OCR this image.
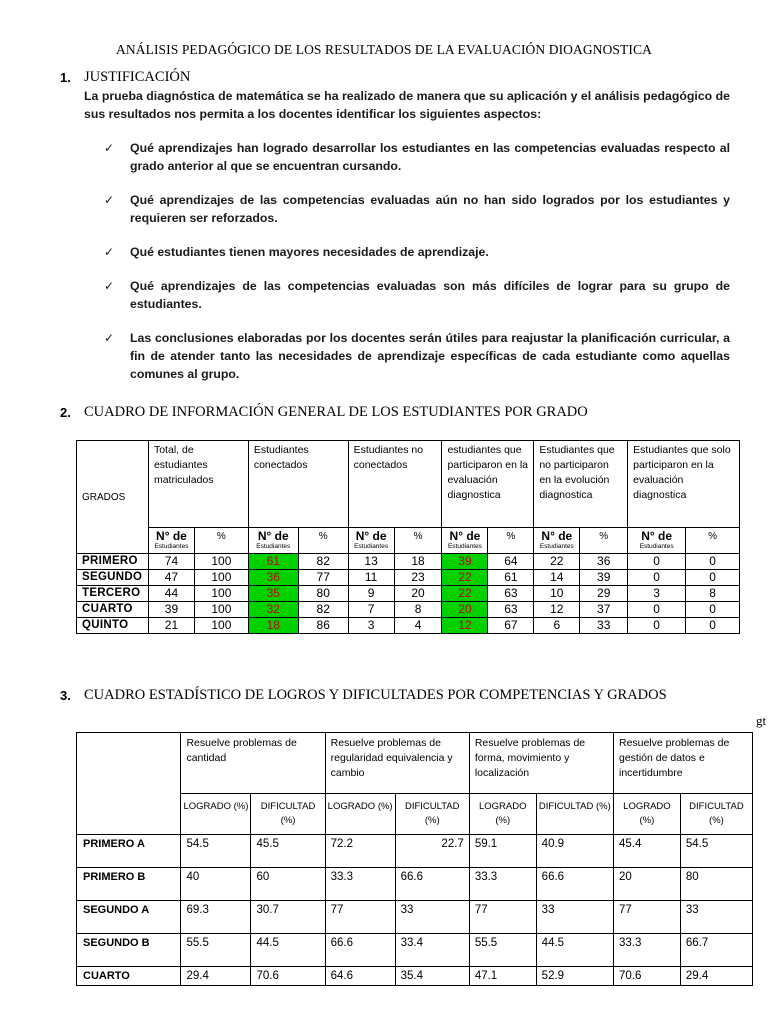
ANÁLISIS PEDAGÓGICO DE LOS RESULTADOS DE LA EVALUACIÓN DIOAGNOSTICA
1. JUSTIFICACIÓN
La prueba diagnóstica de matemática se ha realizado de manera que su aplicación y el análisis pedagógico de sus resultados nos permita a los docentes identificar los siguientes aspectos:
✓ Qué aprendizajes han logrado desarrollar los estudiantes en las competencias evaluadas respecto al grado anterior al que se encuentran cursando.
✓ Qué aprendizajes de las competencias evaluadas aún no han sido logrados por los estudiantes y requieren ser reforzados.
✓ Qué estudiantes tienen mayores necesidades de aprendizaje.
✓ Qué aprendizajes de las competencias evaluadas son más difíciles de lograr para su grupo de estudiantes.
✓ Las conclusiones elaboradas por los docentes serán útiles para reajustar la planificación curricular, a fin de atender tanto las necesidades de aprendizaje específicas de cada estudiante como aquellas comunes al grupo.
2. CUADRO DE INFORMACIÓN GENERAL DE LOS ESTUDIANTES POR GRADO
GRADOS	Total, de estudiantes matriculados		Estudiantes conectados		Estudiantes no conectados		estudiantes que participaron en la evaluación diagnostica		Estudiantes que no participaron en la evolución diagnostica		Estudiantes que solo participaron en la evaluación diagnostica	
	N° de
Estudiantes	%	N° de
Estudiantes	%	N° de
Estudiantes	%	N° de
Estudiantes	%	N° de
Estudiantes	%	N° de
Estudiantes	%
PRIMERO	74	100	61	82	13	18	39	64	22	36	0	0
SEGUNDO	47	100	36	77	11	23	22	61	14	39	0	0
TERCERO	44	100	35	80	9	20	22	63	10	29	3	8
CUARTO	39	100	32	82	7	8	20	63	12	37	0	0
QUINTO	21	100	18	86	3	4	12	67	6	33	0	0
3. CUADRO ESTADÍSTICO DE LOGROS Y DIFICULTADES POR COMPETENCIAS Y GRADOS
gt
	Resuelve problemas de cantidad		Resuelve problemas de regularidad equivalencia y cambio		Resuelve problemas de forma, movimiento y localización		Resuelve problemas de gestión de datos e incertidumbre	
	LOGRADO (%)	DIFICULTAD (%)	LOGRADO (%)	DIFICULTAD (%)	LOGRADO (%)	DIFICULTAD (%)	LOGRADO (%)	DIFICULTAD (%)
PRIMERO A	54.5	45.5	72.2	22.7	59.1	40.9	45.4	54.5
PRIMERO B	40	60	33.3	66.6	33.3	66.6	20	80
SEGUNDO A	69.3	30.7	77	33	77	33	77	33
SEGUNDO B	55.5	44.5	66.6	33.4	55.5	44.5	33.3	66.7
CUARTO	29.4	70.6	64.6	35.4	47.1	52.9	70.6	29.4
